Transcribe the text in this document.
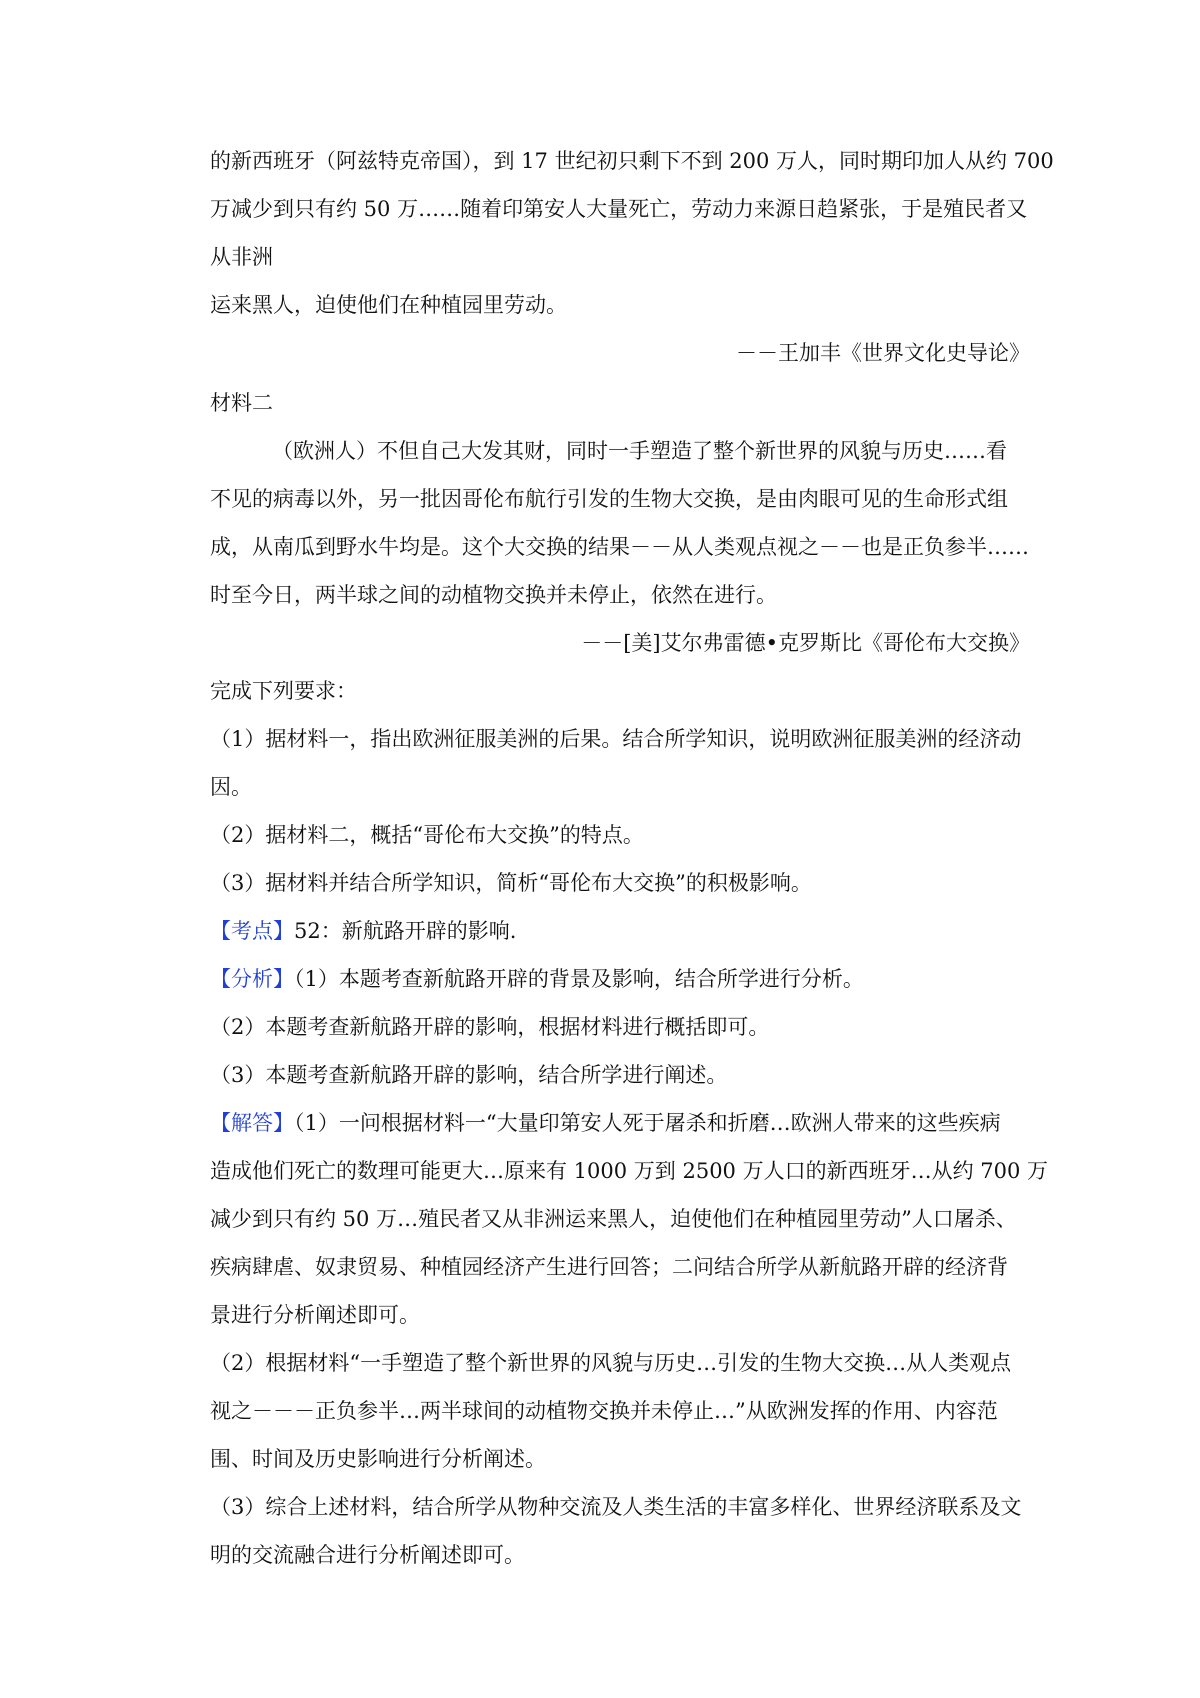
的新西班牙（阿兹特克帝国），到 17 世纪初只剩下不到 200 万人，同时期印加人从约 700
万减少到只有约 50 万……随着印第安人大量死亡，劳动力来源日趋紧张，于是殖民者又
从非洲
运来黑人，迫使他们在种植园里劳动。
－－王加丰《世界文化史导论》
材料二
（欧洲人）不但自己大发其财，同时一手塑造了整个新世界的风貌与历史……看
不见的病毒以外，另一批因哥伦布航行引发的生物大交换，是由肉眼可见的生命形式组
成，从南瓜到野水牛均是。这个大交换的结果－－从人类观点视之－－也是正负参半……
时至今日，两半球之间的动植物交换并未停止，依然在进行。
－－[美]艾尔弗雷德•克罗斯比《哥伦布大交换》
完成下列要求：
（1）据材料一，指出欧洲征服美洲的后果。结合所学知识，说明欧洲征服美洲的经济动
因。
（2）据材料二，概括“哥伦布大交换”的特点。
（3）据材料并结合所学知识，简析“哥伦布大交换”的积极影响。
【考点】52：新航路开辟的影响.
【分析】（1）本题考查新航路开辟的背景及影响，结合所学进行分析。
（2）本题考查新航路开辟的影响，根据材料进行概括即可。
（3）本题考查新航路开辟的影响，结合所学进行阐述。
【解答】（1）一问根据材料一“大量印第安人死于屠杀和折磨…欧洲人带来的这些疾病
造成他们死亡的数理可能更大…原来有 1000 万到 2500 万人口的新西班牙…从约 700 万
减少到只有约 50 万…殖民者又从非洲运来黑人，迫使他们在种植园里劳动”人口屠杀、
疾病肆虐、奴隶贸易、种植园经济产生进行回答；二问结合所学从新航路开辟的经济背
景进行分析阐述即可。
（2）根据材料“一手塑造了整个新世界的风貌与历史…引发的生物大交换…从人类观点
视之－－－正负参半…两半球间的动植物交换并未停止…”从欧洲发挥的作用、内容范
围、时间及历史影响进行分析阐述。
（3）综合上述材料，结合所学从物种交流及人类生活的丰富多样化、世界经济联系及文
明的交流融合进行分析阐述即可。
